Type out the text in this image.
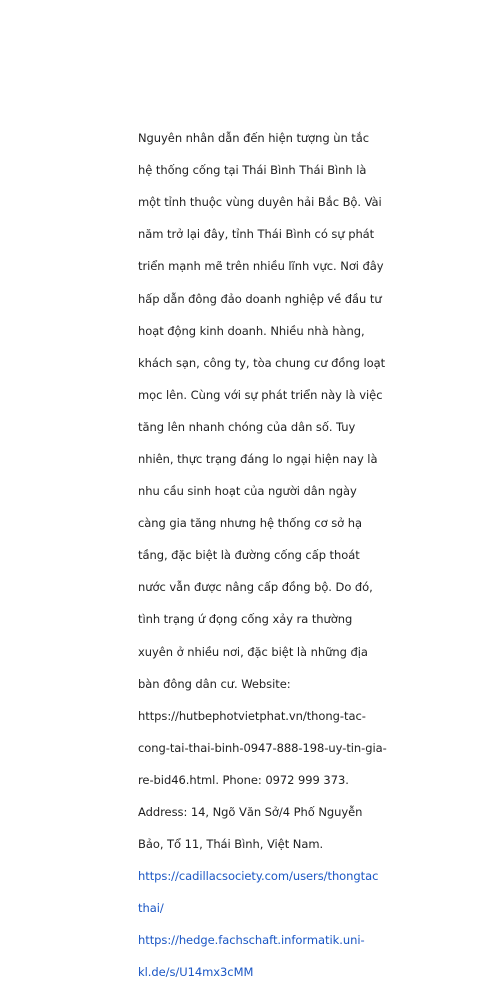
Nguyên nhân dẫn đến hiện tượng ùn tắc

hệ thống cống tại Thái Bình Thái Bình là

một tỉnh thuộc vùng duyên hải Bắc Bộ. Vài

năm trở lại đây, tỉnh Thái Bình có sự phát

triển mạnh mẽ trên nhiều lĩnh vực. Nơi đây

hấp dẫn đông đảo doanh nghiệp về đầu tư

hoạt động kinh doanh. Nhiều nhà hàng,

khách sạn, công ty, tòa chung cư đồng loạt

mọc lên. Cùng với sự phát triển này là việc

tăng lên nhanh chóng của dân số. Tuy

nhiên, thực trạng đáng lo ngại hiện nay là

nhu cầu sinh hoạt của người dân ngày

càng gia tăng nhưng hệ thống cơ sở hạ

tầng, đặc biệt là đường cống cấp thoát

nước vẫn được nâng cấp đồng bộ. Do đó,

tình trạng ứ đọng cống xảy ra thường

xuyên ở nhiều nơi, đặc biệt là những địa

bàn đông dân cư. Website:

https://hutbephotvietphat.vn/thong-tac-

cong-tai-thai-binh-0947-888-198-uy-tin-gia-

re-bid46.html. Phone: 0972 999 373.

Address: 14, Ngõ Văn Sở/4 Phố Nguyễn

Bảo, Tổ 11, Thái Bình, Việt Nam.

https://cadillacsociety.com/users/thongtac

thai/

https://hedge.fachschaft.informatik.uni-

kl.de/s/U14mx3cMM
